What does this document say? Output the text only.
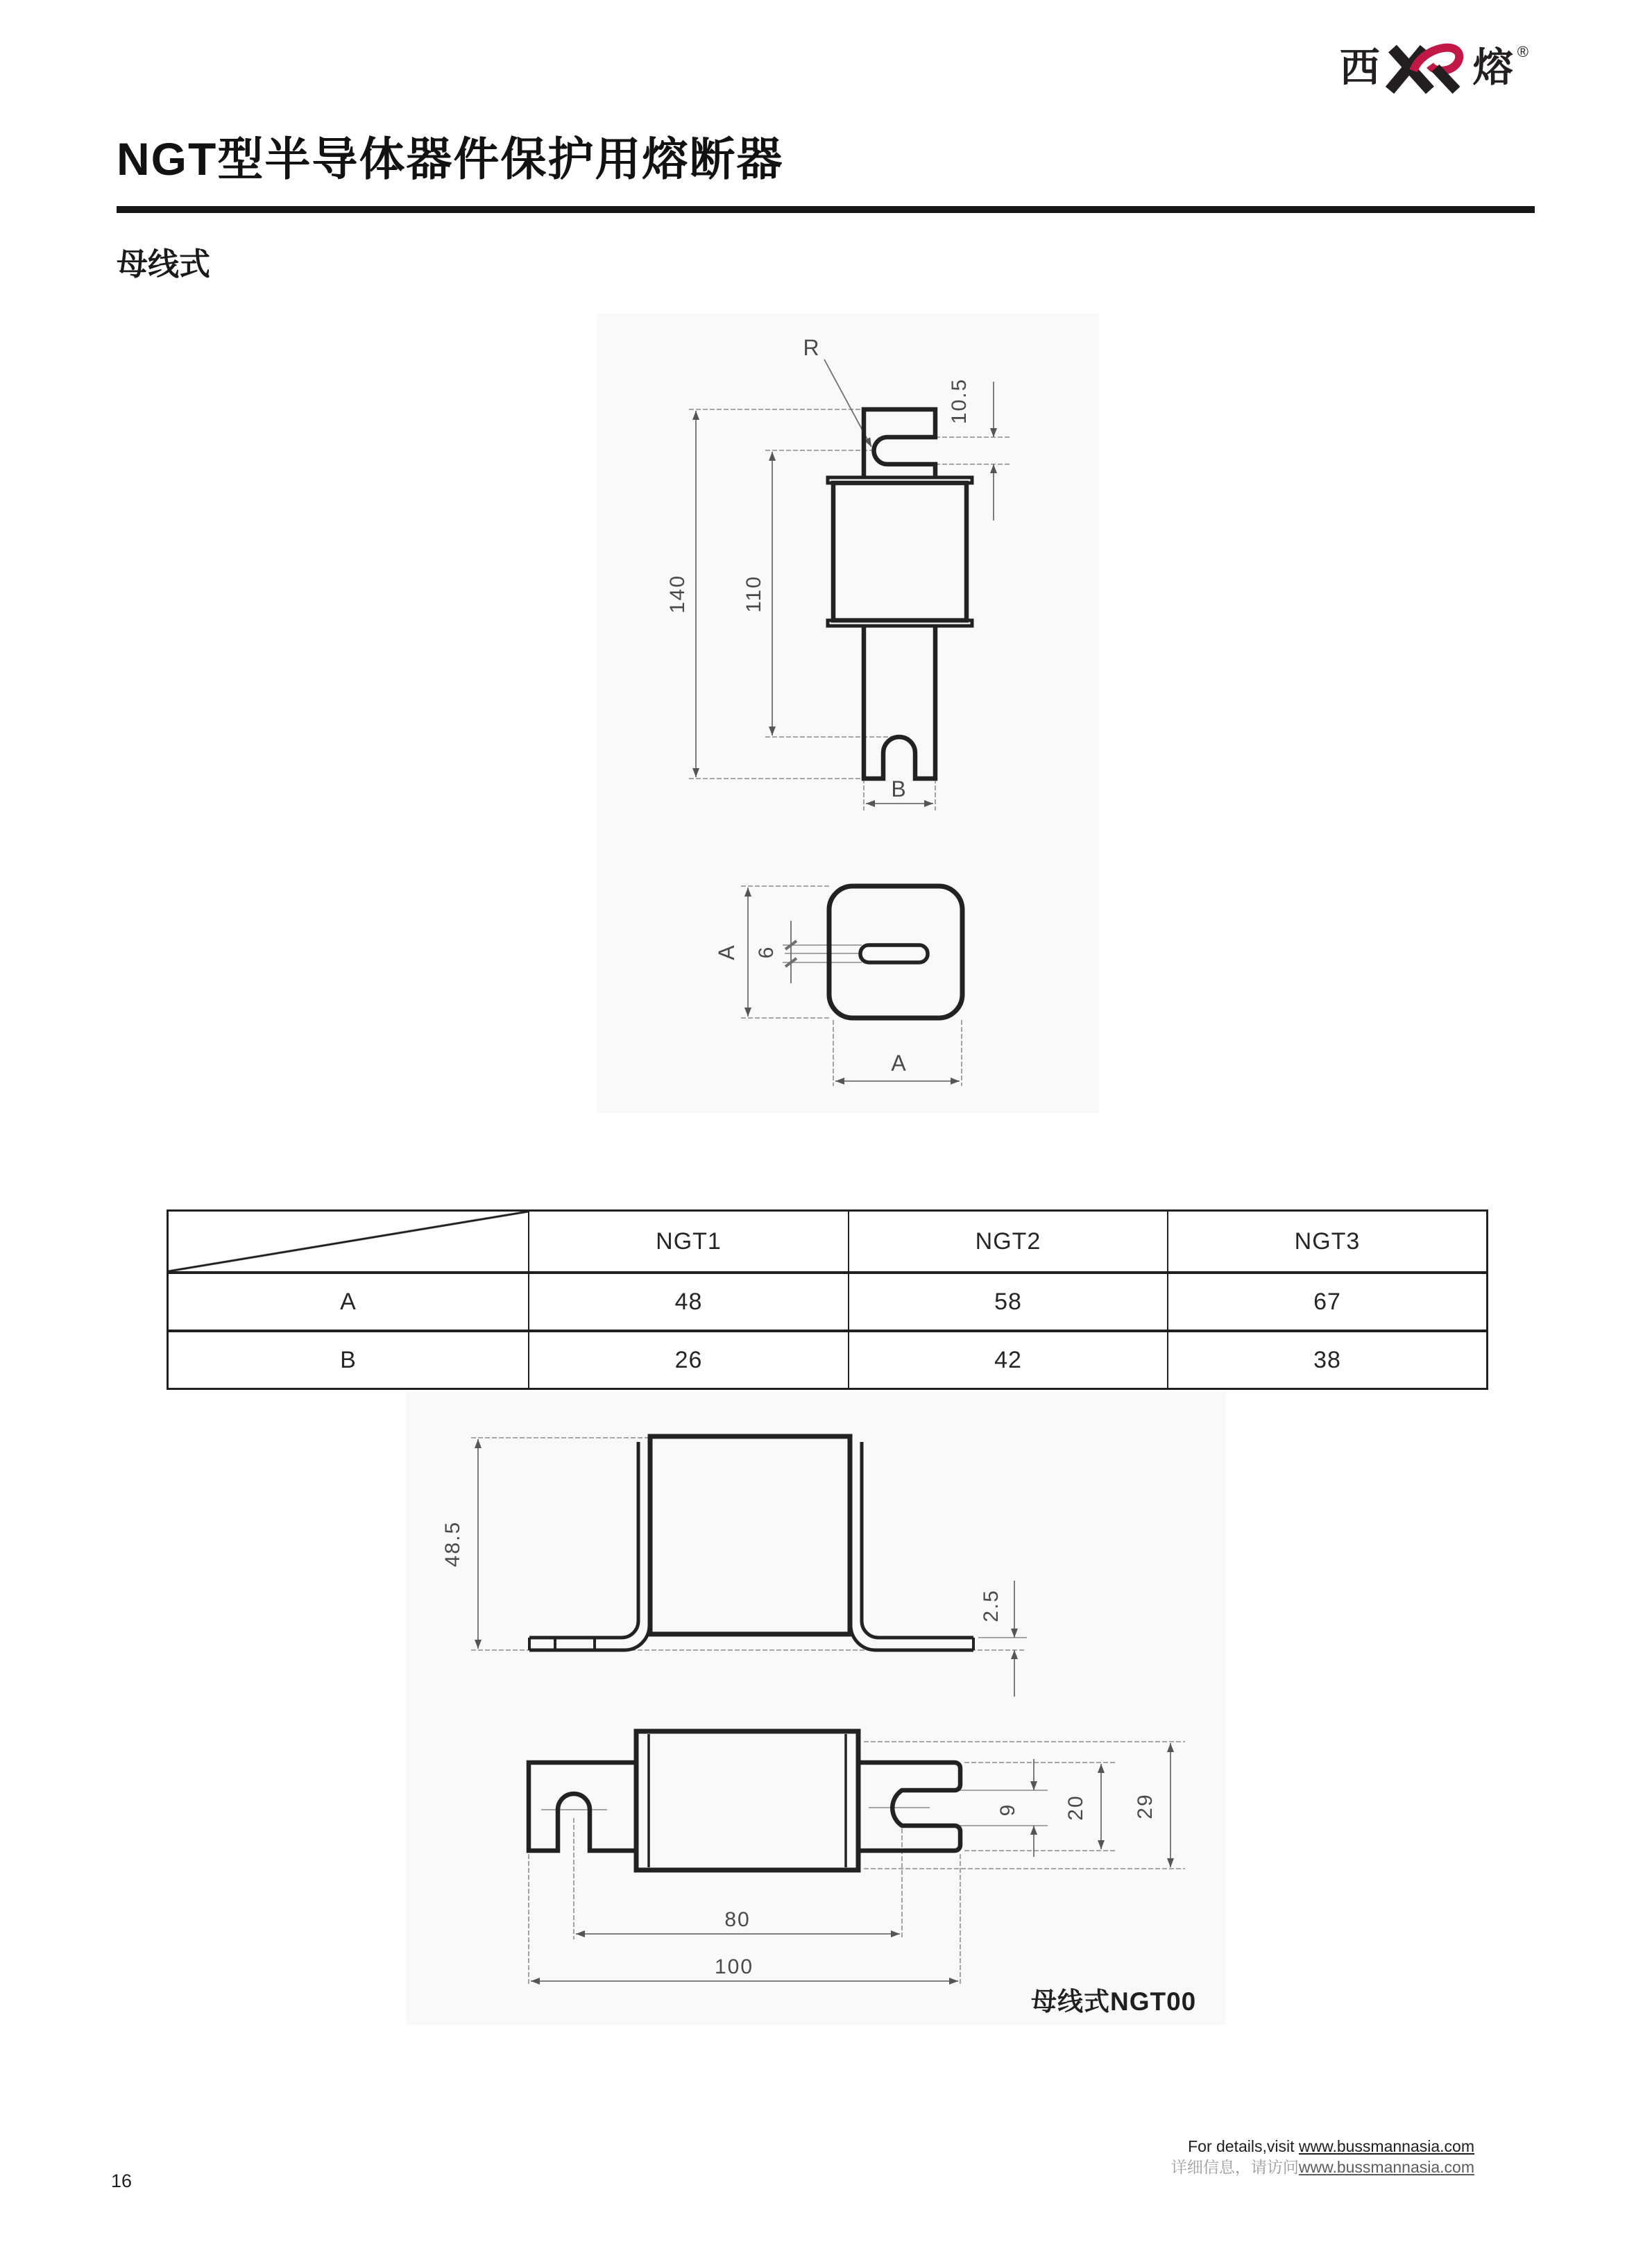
西 熔 ®
NGT型半导体器件保护用熔断器
母线式
R
10.5
140	110
B
A 6
A
NGT1	NGT2	NGT3
A	48	58	67
B	26	42	38
48.5
2.5
9 20 29
80
100
母线式NGT00
For details,visit www.bussmannasia.com
详细信息，请访问www.bussmannasia.com
16
